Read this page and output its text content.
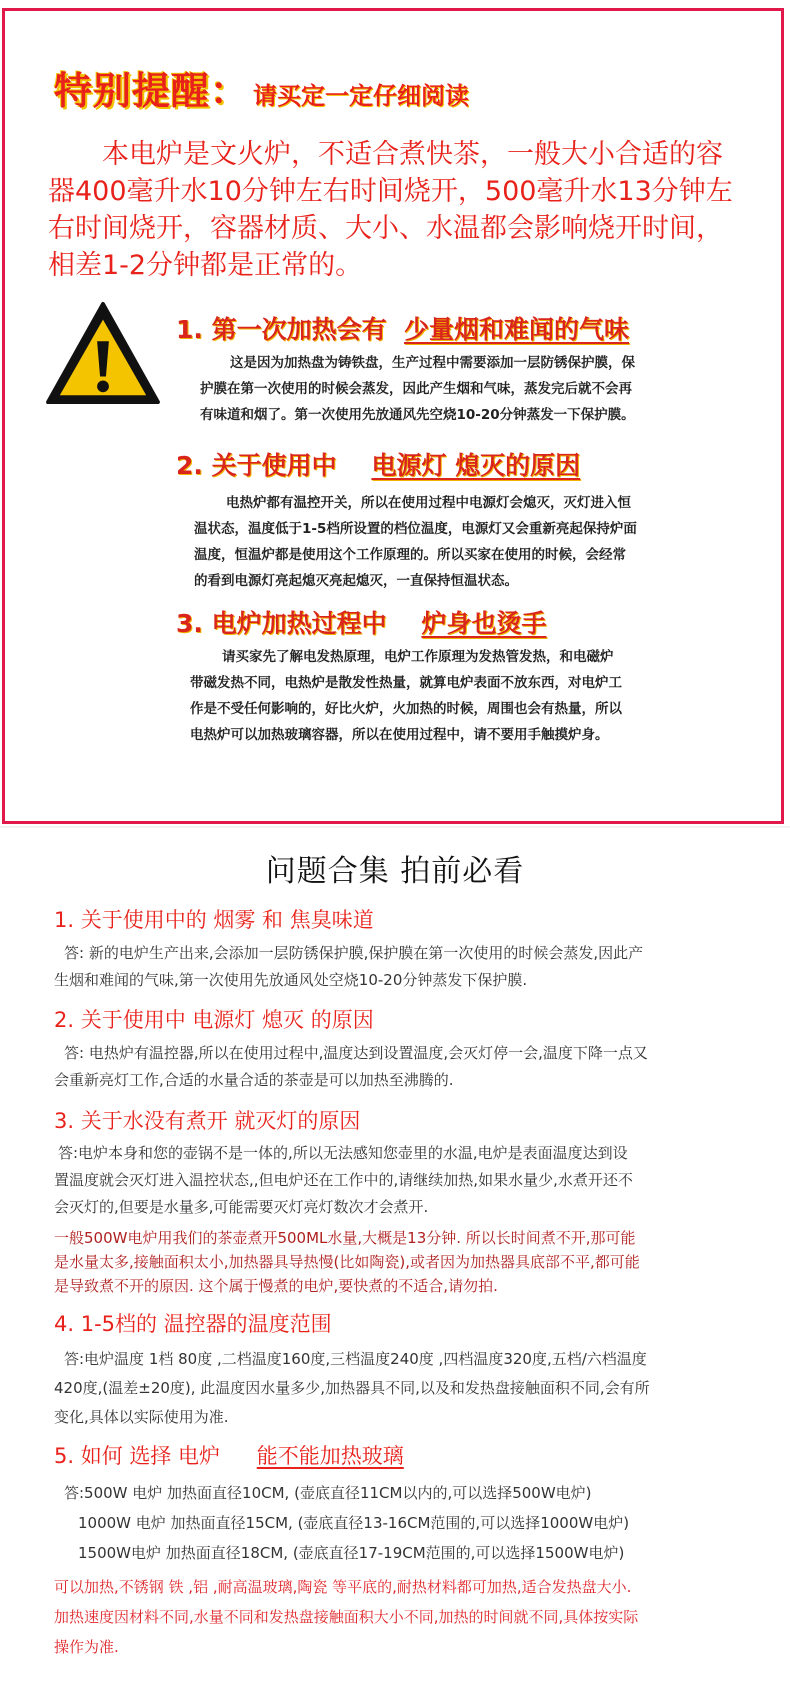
特别提醒： 请买定一定仔细阅读
本电炉是文火炉，不适合煮快茶，一般大小合适的容器400毫升水10分钟左右时间烧开，500毫升水13分钟左右时间烧开，容器材质、大小、水温都会影响烧开时间，相差1-2分钟都是正常的。
1. 第一次加热会有 少量烟和难闻的气味
这是因为加热盘为铸铁盘，生产过程中需要添加一层防锈保护膜，保
护膜在第一次使用的时候会蒸发，因此产生烟和气味，蒸发完后就不会再
有味道和烟了。第一次使用先放通风先空烧10-20分钟蒸发一下保护膜。
2. 关于使用中 电源灯 熄灭的原因
电热炉都有温控开关，所以在使用过程中电源灯会熄灭，灭灯进入恒
温状态，温度低于1-5档所设置的档位温度，电源灯又会重新亮起保持炉面
温度，恒温炉都是使用这个工作原理的。所以买家在使用的时候，会经常
的看到电源灯亮起熄灭亮起熄灭，一直保持恒温状态。
3. 电炉加热过程中 炉身也烫手
请买家先了解电发热原理，电炉工作原理为发热管发热，和电磁炉
带磁发热不同，电热炉是散发性热量，就算电炉表面不放东西，对电炉工
作是不受任何影响的，好比火炉，火加热的时候，周围也会有热量，所以
电热炉可以加热玻璃容器，所以在使用过程中，请不要用手触摸炉身。
问题合集 拍前必看
1. 关于使用中的 烟雾 和 焦臭味道
答: 新的电炉生产出来,会添加一层防锈保护膜,保护膜在第一次使用的时候会蒸发,因此产
生烟和难闻的气味,第一次使用先放通风处空烧10-20分钟蒸发下保护膜.
2. 关于使用中 电源灯 熄灭 的原因
答: 电热炉有温控器,所以在使用过程中,温度达到设置温度,会灭灯停一会,温度下降一点又
会重新亮灯工作,合适的水量合适的茶壶是可以加热至沸腾的.
3. 关于水没有煮开 就灭灯的原因
答:电炉本身和您的壶锅不是一体的,所以无法感知您壶里的水温,电炉是表面温度达到设
置温度就会灭灯进入温控状态,,但电炉还在工作中的,请继续加热,如果水量少,水煮开还不
会灭灯的,但要是水量多,可能需要灭灯亮灯数次才会煮开.
一般500W电炉用我们的茶壶煮开500ML水量,大概是13分钟. 所以长时间煮不开,那可能
是水量太多,接触面积太小,加热器具导热慢(比如陶瓷),或者因为加热器具底部不平,都可能
是导致煮不开的原因. 这个属于慢煮的电炉,要快煮的不适合,请勿拍.
4. 1-5档的 温控器的温度范围
答:电炉温度 1档 80度 ,二档温度160度,三档温度240度 ,四档温度320度,五档/六档温度
420度,(温差±20度), 此温度因水量多少,加热器具不同,以及和发热盘接触面积不同,会有所
变化,具体以实际使用为准.
5. 如何 选择 电炉 能不能加热玻璃
答:500W 电炉 加热面直径10CM, (壶底直径11CM以内的,可以选择500W电炉)
1000W 电炉 加热面直径15CM, (壶底直径13-16CM范围的,可以选择1000W电炉)
1500W电炉 加热面直径18CM, (壶底直径17-19CM范围的,可以选择1500W电炉)
可以加热,不锈钢 铁 ,铝 ,耐高温玻璃,陶瓷 等平底的,耐热材料都可加热,适合发热盘大小.
加热速度因材料不同,水量不同和发热盘接触面积大小不同,加热的时间就不同,具体按实际
操作为准.
